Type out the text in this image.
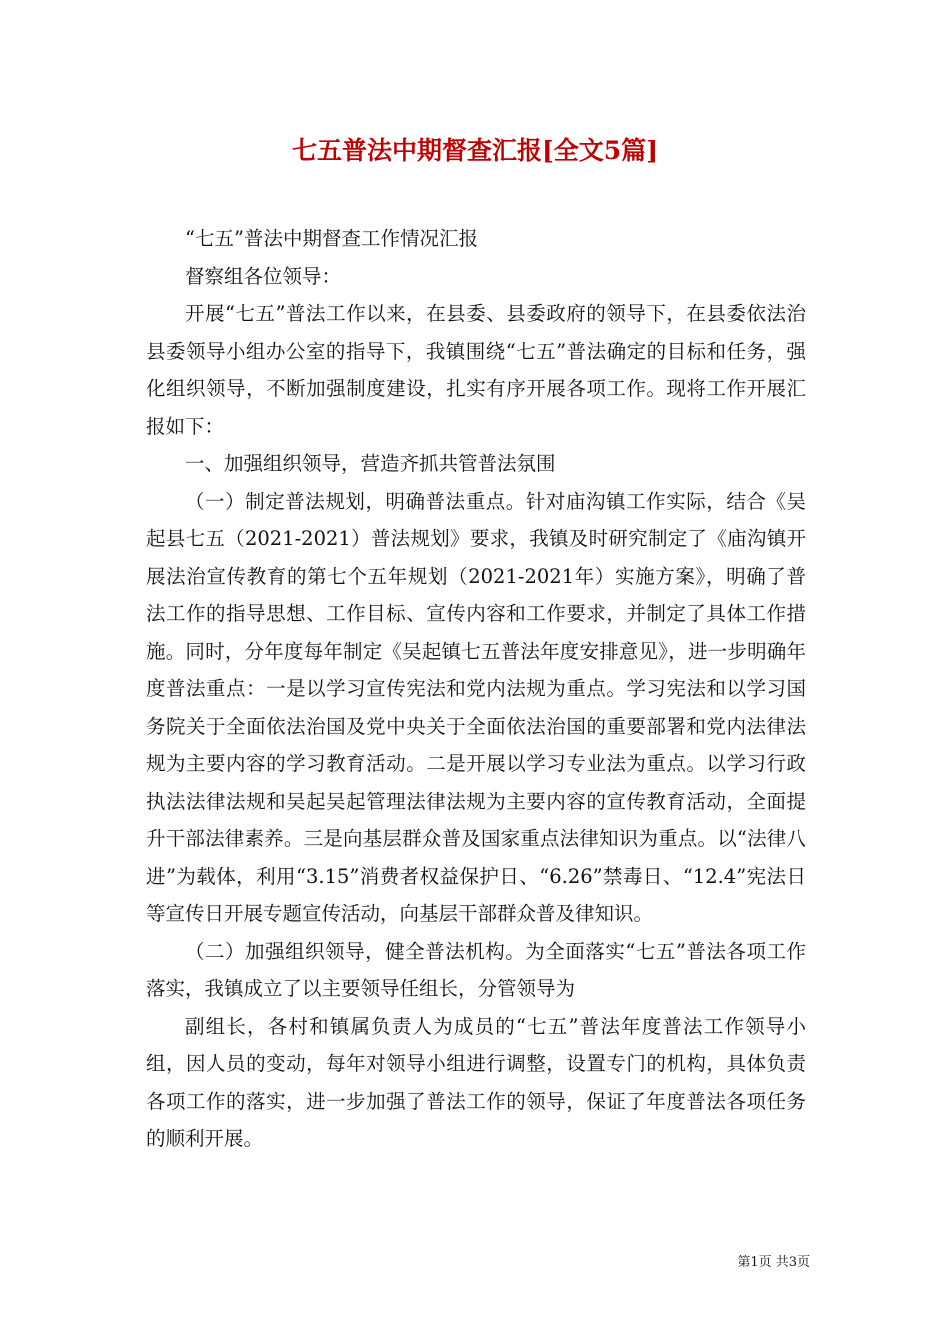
七五普法中期督查汇报[全文5篇]

“七五”普法中期督查工作情况汇报

督察组各位领导：

开展“七五”普法工作以来，在县委、县委政府的领导下，在县委依法治县委领导小组办公室的指导下，我镇围绕“七五”普法确定的目标和任务，强化组织领导，不断加强制度建设，扎实有序开展各项工作。现将工作开展汇报如下：

一、加强组织领导，营造齐抓共管普法氛围

（一）制定普法规划，明确普法重点。针对庙沟镇工作实际，结合《吴起县七五（2021-2021）普法规划》要求，我镇及时研究制定了《庙沟镇开展法治宣传教育的第七个五年规划（2021-2021年）实施方案》，明确了普法工作的指导思想、工作目标、宣传内容和工作要求，并制定了具体工作措施。同时，分年度每年制定《吴起镇七五普法年度安排意见》，进一步明确年度普法重点：一是以学习宣传宪法和党内法规为重点。学习宪法和以学习国务院关于全面依法治国及党中央关于全面依法治国的重要部署和党内法律法规为主要内容的学习教育活动。二是开展以学习专业法为重点。以学习行政执法法律法规和吴起吴起管理法律法规为主要内容的宣传教育活动，全面提升干部法律素养。三是向基层群众普及国家重点法律知识为重点。以“法律八进”为载体，利用“3.15”消费者权益保护日、“6.26”禁毒日、“12.4”宪法日等宣传日开展专题宣传活动，向基层干部群众普及律知识。

（二）加强组织领导，健全普法机构。为全面落实“七五”普法各项工作落实，我镇成立了以主要领导任组长，分管领导为

副组长，各村和镇属负责人为成员的“七五”普法年度普法工作领导小组，因人员的变动，每年对领导小组进行调整，设置专门的机构，具体负责各项工作的落实，进一步加强了普法工作的领导，保证了年度普法各项任务的顺利开展。

第1页 共3页
